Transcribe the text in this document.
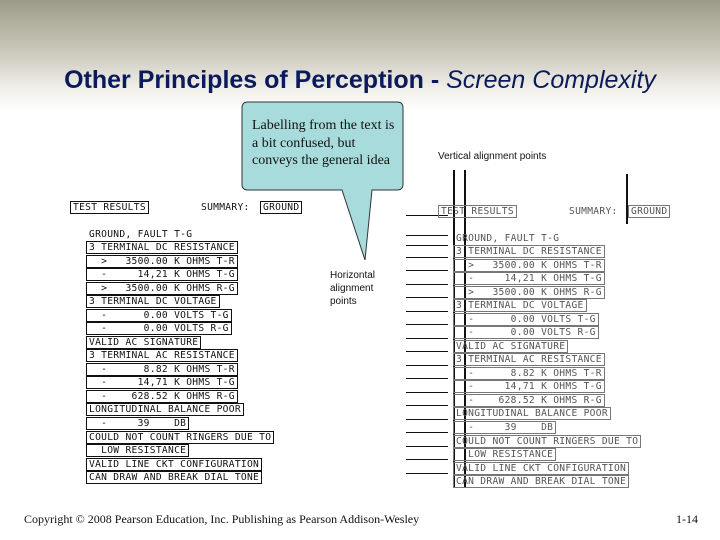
Other Principles of Perception - Screen Complexity
Labelling from the text is a bit confused, but conveys the general idea	Vertical alignment points
Horizontal
alignment
points
TEST RESULTS	SUMMARY:	GROUND
GROUND, FAULT T-G
3 TERMINAL DC RESISTANCE
>   3500.00 K OHMS T-R
-     14,21 K OHMS T-G
>   3500.00 K OHMS R-G
3 TERMINAL DC VOLTAGE
-      0.00 VOLTS T-G
-      0.00 VOLTS R-G
VALID AC SIGNATURE
3 TERMINAL AC RESISTANCE
-      8.82 K OHMS T-R
-     14,71 K OHMS T-G
-    628.52 K OHMS R-G
LONGITUDINAL BALANCE POOR
-     39    DB
COULD NOT COUNT RINGERS DUE TO
LOW RESISTANCE
VALID LINE CKT CONFIGURATION
CAN DRAW AND BREAK DIAL TONE
TEST RESULTS	SUMMARY:	GROUND
GROUND, FAULT T-G
3 TERMINAL DC RESISTANCE
>   3500.00 K OHMS T-R
-     14,21 K OHMS T-G
>   3500.00 K OHMS R-G
3 TERMINAL DC VOLTAGE
-      0.00 VOLTS T-G
-      0.00 VOLTS R-G
VALID AC SIGNATURE
3 TERMINAL AC RESISTANCE
-      8.82 K OHMS T-R
-     14,71 K OHMS T-G
-    628.52 K OHMS R-G
LONGITUDINAL BALANCE POOR
-     39    DB
COULD NOT COUNT RINGERS DUE TO
LOW RESISTANCE
VALID LINE CKT CONFIGURATION
CAN DRAW AND BREAK DIAL TONE
Copyright © 2008 Pearson Education, Inc. Publishing as Pearson Addison-Wesley	1-14
